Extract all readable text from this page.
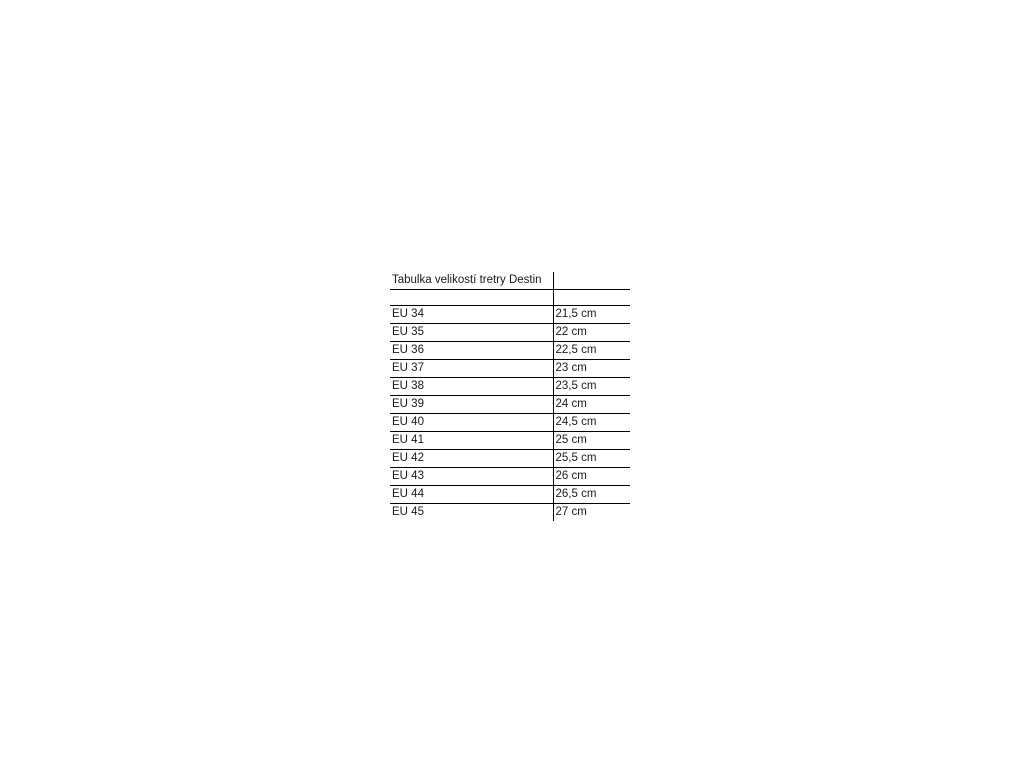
Tabulka velikostí tretry Destin	

EU 34	21,5 cm
EU 35	22 cm
EU 36	22,5 cm
EU 37	23 cm
EU 38	23,5 cm
EU 39	24 cm
EU 40	24,5 cm
EU 41	25 cm
EU 42	25,5 cm
EU 43	26 cm
EU 44	26,5 cm
EU 45	27 cm
